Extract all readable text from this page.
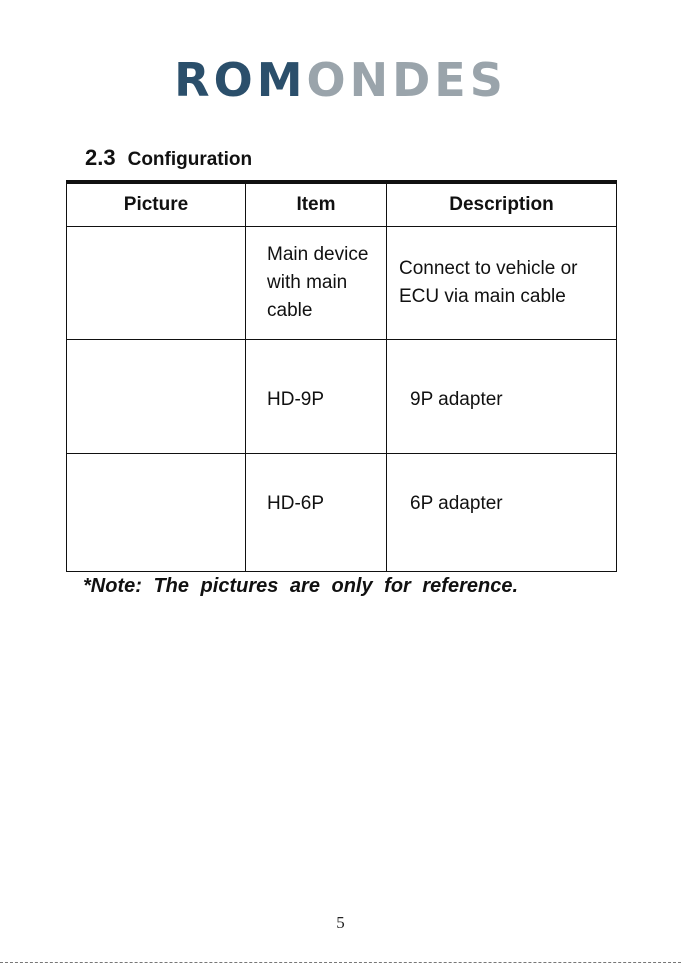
ROMONDES
2.3 Configuration
Picture	Item	Description
	Main device with main cable	Connect to vehicle or ECU via main cable
	HD-9P	9P adapter
	HD-6P	6P adapter
*Note: The pictures are only for reference.
5
